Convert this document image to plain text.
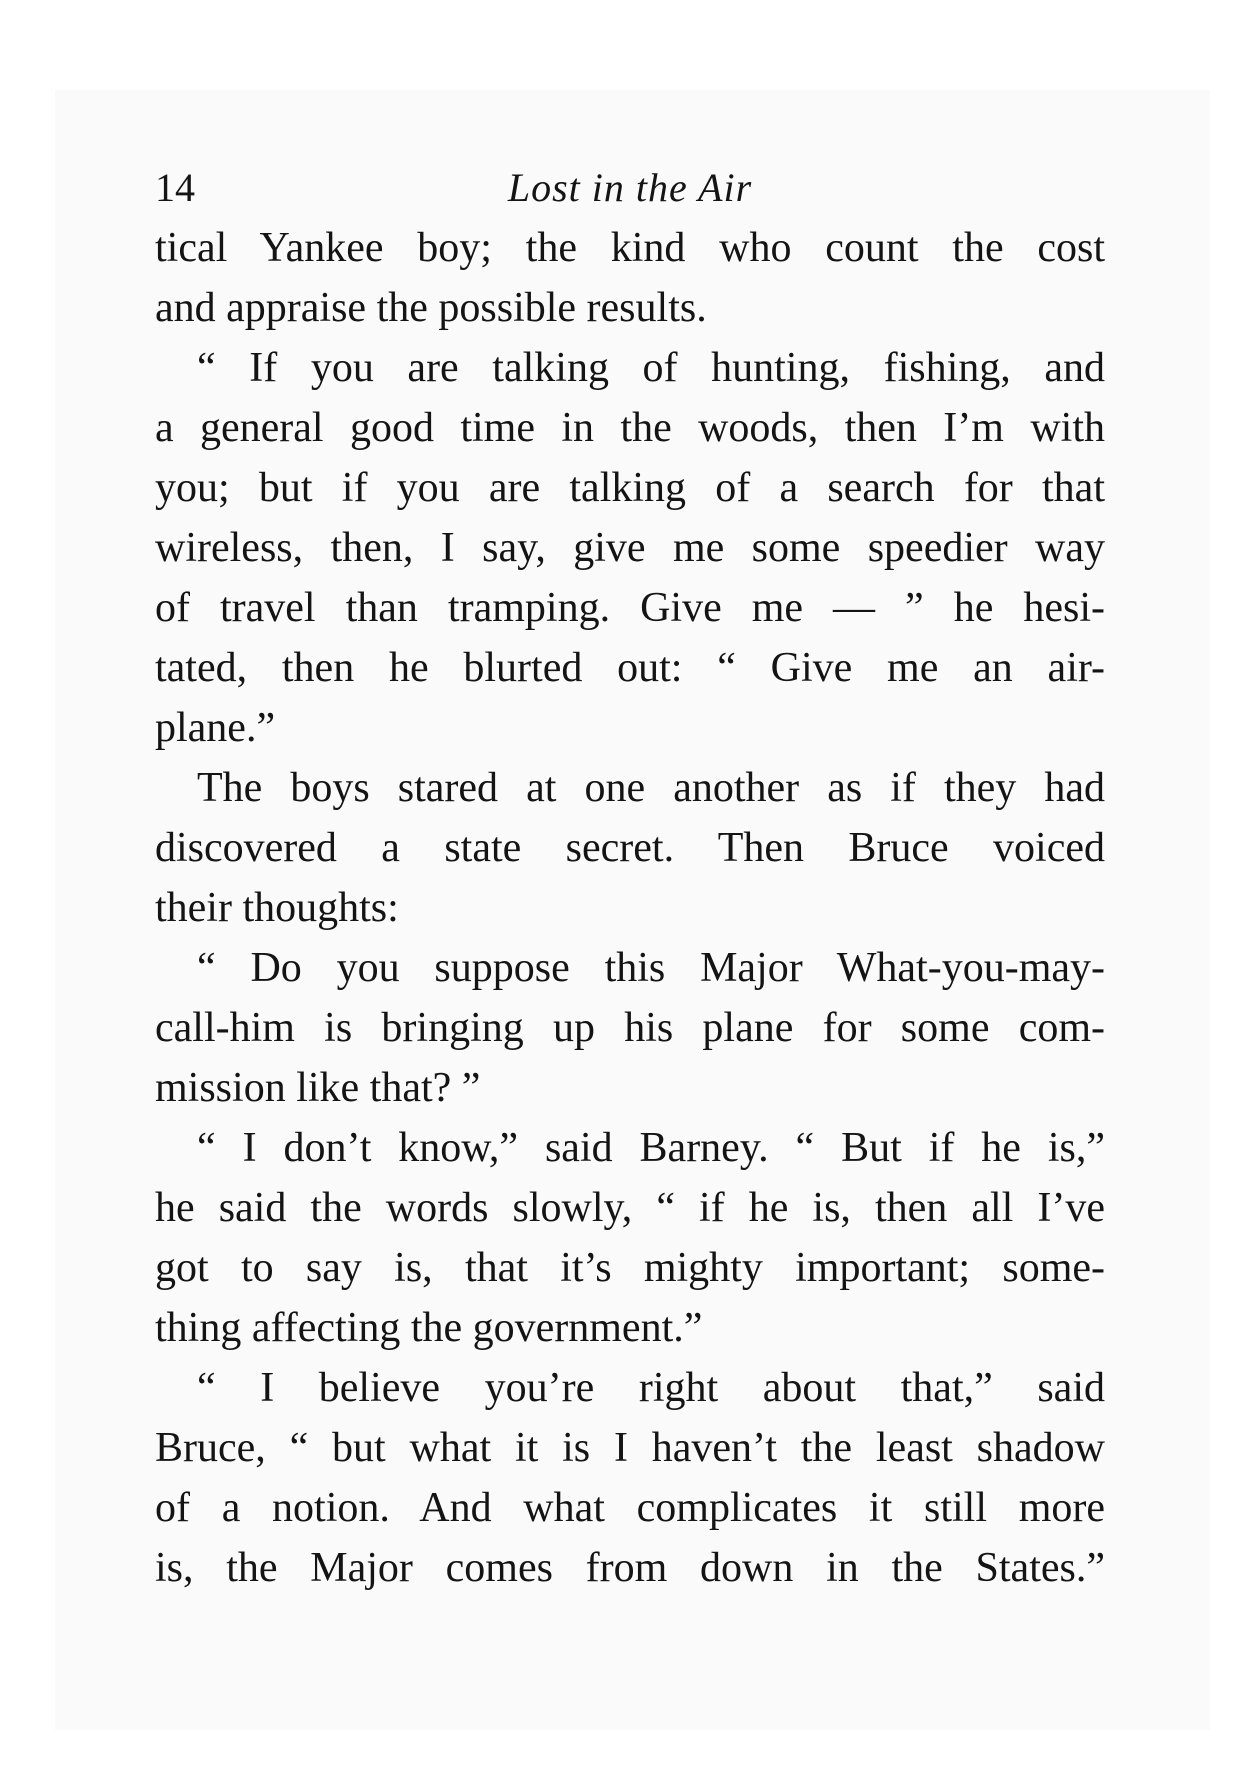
14	Lost in the Air
tical Yankee boy; the kind who count the cost
and appraise the possible results.
“ If you are talking of hunting, fishing, and
a general good time in the woods, then I’m with
you; but if you are talking of a search for that
wireless, then, I say, give me some speedier way
of travel than tramping. Give me — ” he hesi-
tated, then he blurted out: “ Give me an air-
plane.”
The boys stared at one another as if they had
discovered a state secret. Then Bruce voiced
their thoughts:
“ Do you suppose this Major What-you-may-
call-him is bringing up his plane for some com-
mission like that? ”
“ I don’t know,” said Barney. “ But if he is,”
he said the words slowly, “ if he is, then all I’ve
got to say is, that it’s mighty important; some-
thing affecting the government.”
“ I believe you’re right about that,” said
Bruce, “ but what it is I haven’t the least shadow
of a notion. And what complicates it still more
is, the Major comes from down in the States.”
